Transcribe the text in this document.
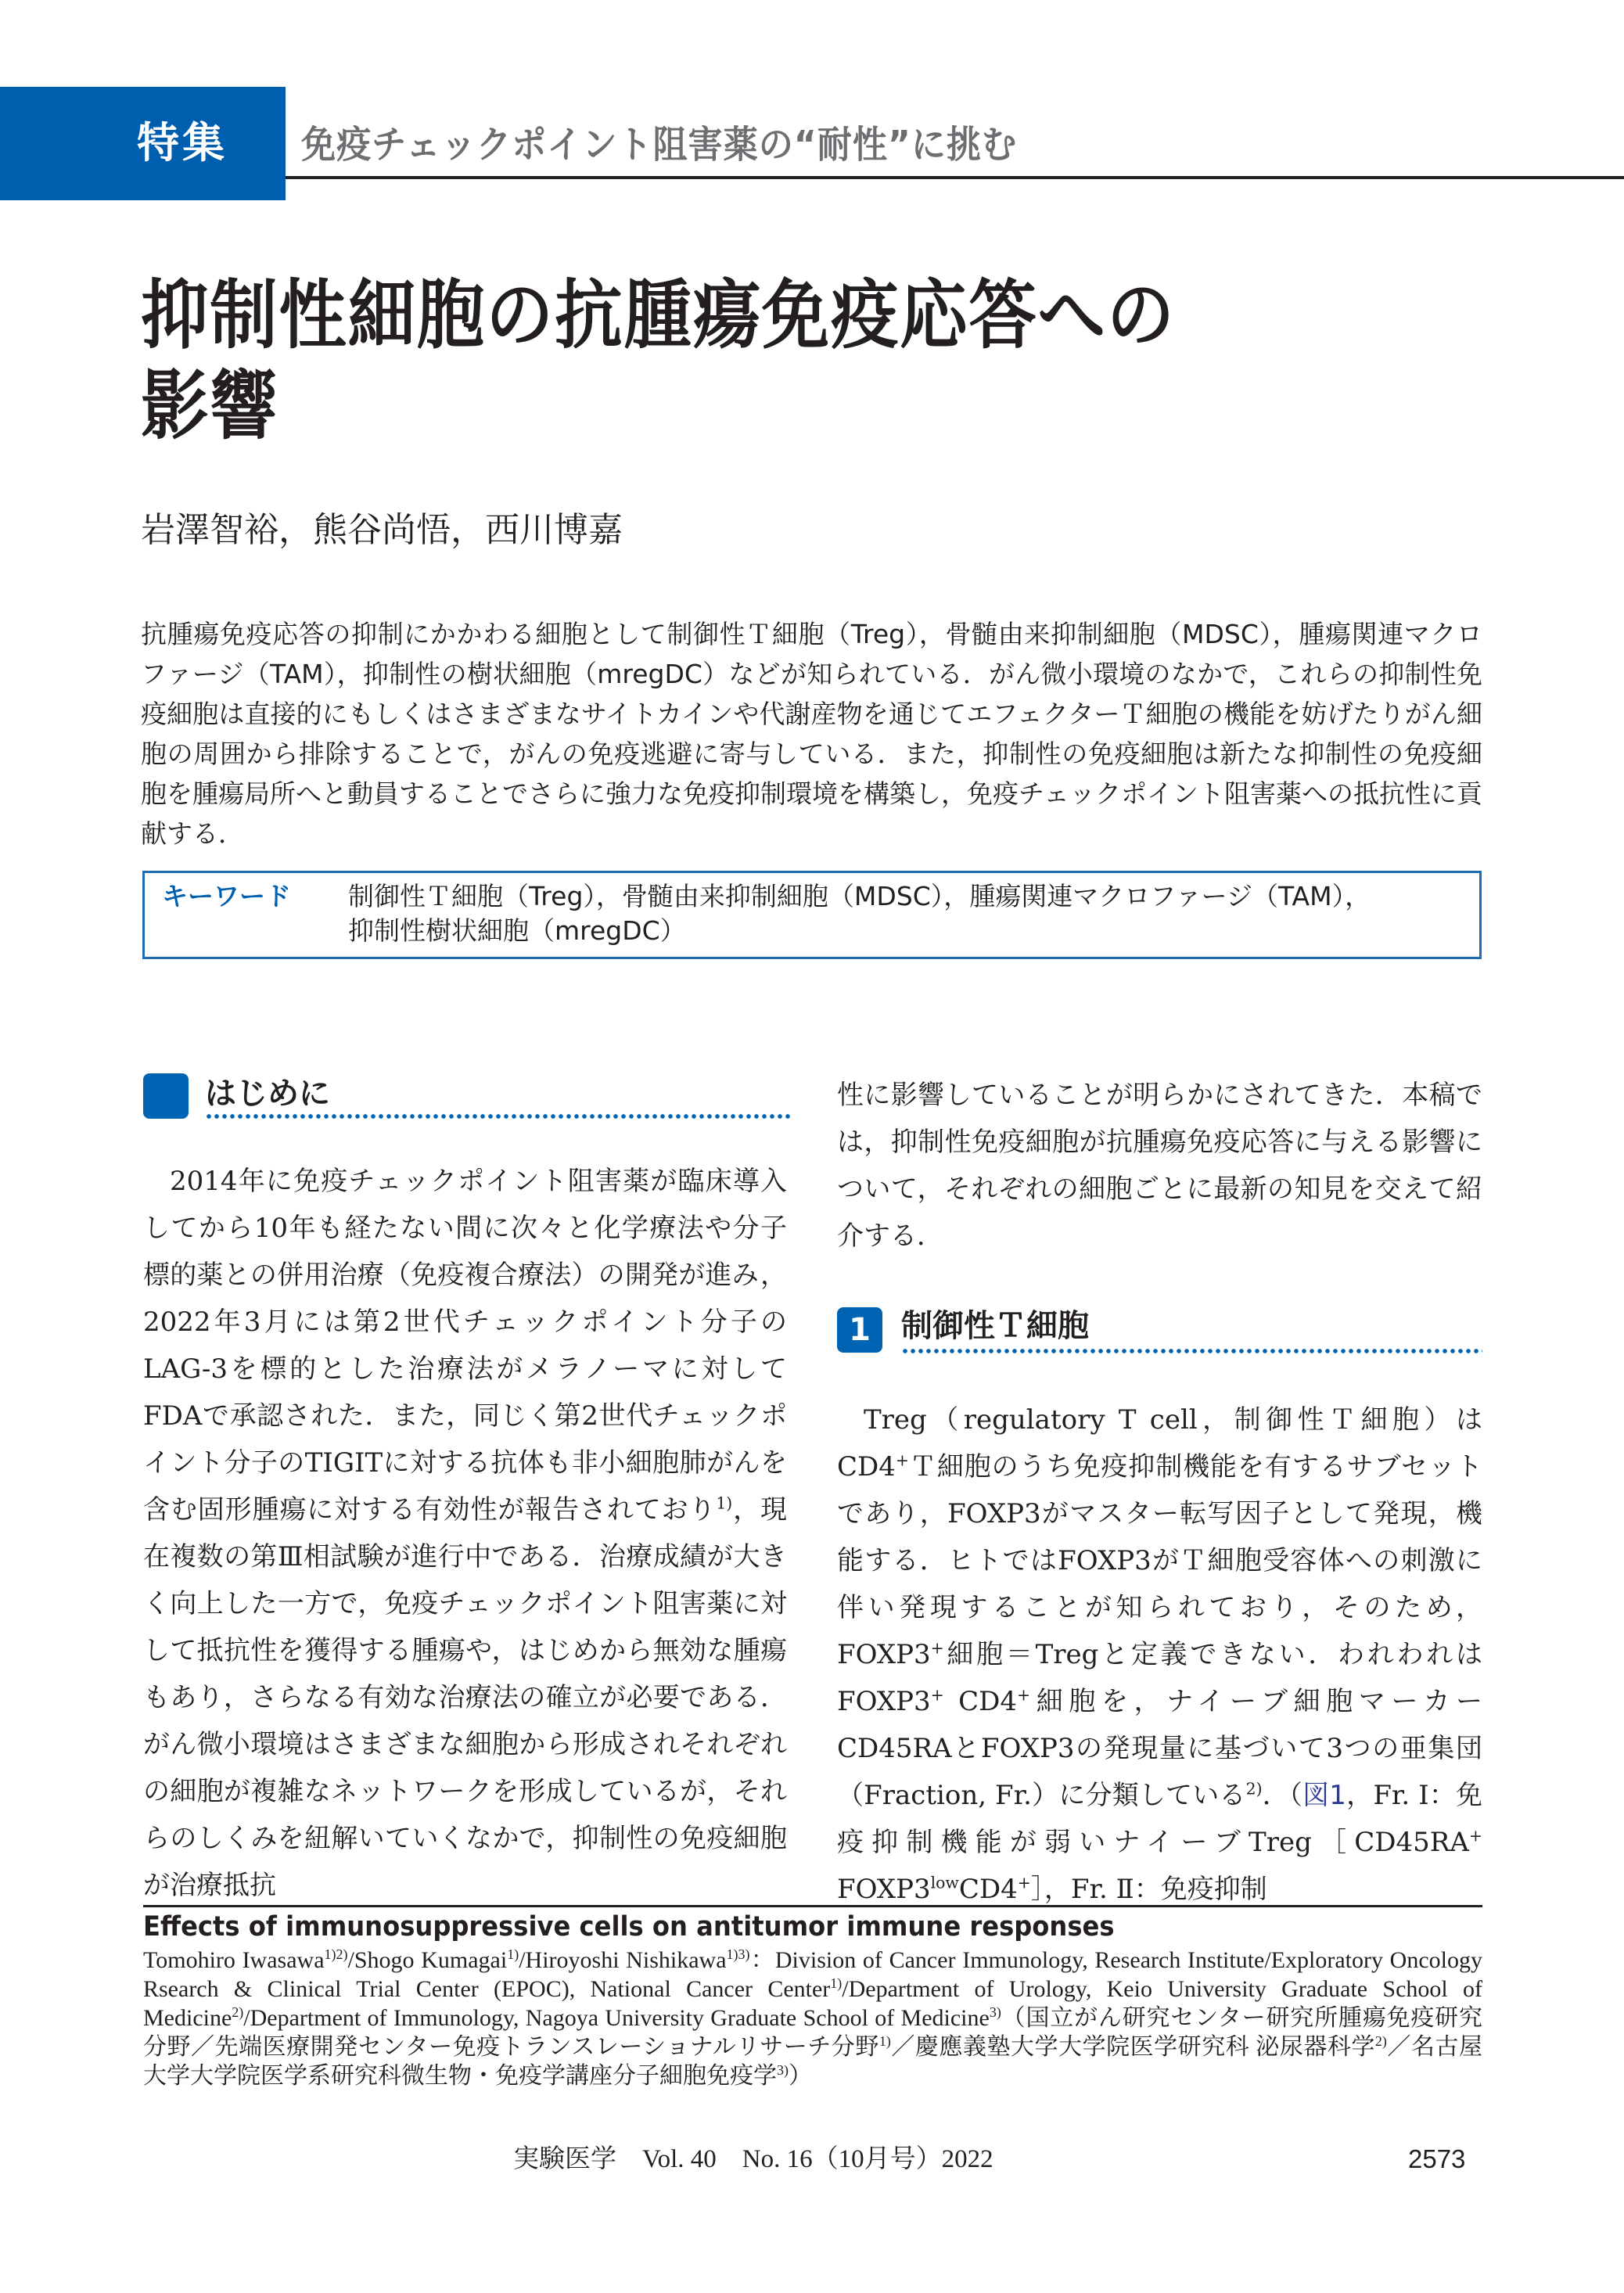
特集 免疫チェックポイント阻害薬の“耐性”に挑む
抑制性細胞の抗腫瘍免疫応答への
影響
岩澤智裕，熊谷尚悟，西川博嘉
抗腫瘍免疫応答の抑制にかかわる細胞として制御性Ｔ細胞（Treg），骨髄由来抑制細胞（MDSC），腫瘍関連マクロファージ（TAM），抑制性の樹状細胞（mregDC）などが知られている．がん微小環境のなかで，これらの抑制性免疫細胞は直接的にもしくはさまざまなサイトカインや代謝産物を通じてエフェクターＴ細胞の機能を妨げたりがん細胞の周囲から排除することで，がんの免疫逃避に寄与している．また，抑制性の免疫細胞は新たな抑制性の免疫細胞を腫瘍局所へと動員することでさらに強力な免疫抑制環境を構築し，免疫チェックポイント阻害薬への抵抗性に貢献する．
キーワード 制御性Ｔ細胞（Treg），骨髄由来抑制細胞（MDSC），腫瘍関連マクロファージ（TAM），
抑制性樹状細胞（mregDC）
はじめに
2014年に免疫チェックポイント阻害薬が臨床導入してから10年も経たない間に次々と化学療法や分子標的薬との併用治療（免疫複合療法）の開発が進み，2022年3月には第2世代チェックポイント分子のLAG-3を標的とした治療法がメラノーマに対してFDAで承認された．また，同じく第2世代チェックポイント分子のTIGITに対する抗体も非小細胞肺がんを含む固形腫瘍に対する有効性が報告されており$^{1)}$，現在複数の第Ⅲ相試験が進行中である．治療成績が大きく向上した一方で，免疫チェックポイント阻害薬に対して抵抗性を獲得する腫瘍や，はじめから無効な腫瘍もあり，さらなる有効な治療法の確立が必要である．がん微小環境はさまざまな細胞から形成されそれぞれの細胞が複雑なネットワークを形成しているが，それらのしくみを紐解いていくなかで，抑制性の免疫細胞が治療抵抗
性に影響していることが明らかにされてきた．本稿では，抑制性免疫細胞が抗腫瘍免疫応答に与える影響について，それぞれの細胞ごとに最新の知見を交えて紹介する．
1 制御性Ｔ細胞
Treg（regulatory T cell，制御性Ｔ細胞）はCD4+Ｔ細胞のうち免疫抑制機能を有するサブセットであり，FOXP3がマスター転写因子として発現，機能する．ヒトではFOXP3がＴ細胞受容体への刺激に伴い発現することが知られており，そのため，FOXP3+細胞＝Tregと定義できない．われわれはFOXP3+ CD4+細胞を，ナイーブ細胞マーカーCD45RAとFOXP3の発現量に基づいて3つの亜集団（Fraction, Fr.）に分類している$^{2)}$．（図1，Fr. Ⅰ：免疫抑制機能が弱いナイーブTreg［CD45RA+ $FOXP3^{low}CD4^+]$，Fr. Ⅱ：免疫抑制
Effects of immunosuppressive cells on antitumor immune responses
Tomohiro Iwasawa$^{1)2)}$/Shogo Kumagai$^{1)}$/Hiroyoshi Nishikawa$^{1)3)}$：Division of Cancer Immunology, Research Institute/Exploratory Oncology Rsearch & Clinical Trial Center (EPOC), National Cancer Center$^{1)}$/Department of Urology, Keio University Graduate School of Medicine$^{2)}$/Department of Immunology, Nagoya University Graduate School of Medicine$^{3)}$（国立がん研究センター研究所腫瘍免疫研究分野／先端医療開発センター免疫トランスレーショナルリサーチ分野$^{1)}$／慶應義塾大学大学院医学研究科 泌尿器科学$^{2)}$／名古屋大学大学院医学系研究科微生物・免疫学講座分子細胞免疫学$^{3)}$）
実験医学　Vol. 40　No. 16（10月号）2022	2573
